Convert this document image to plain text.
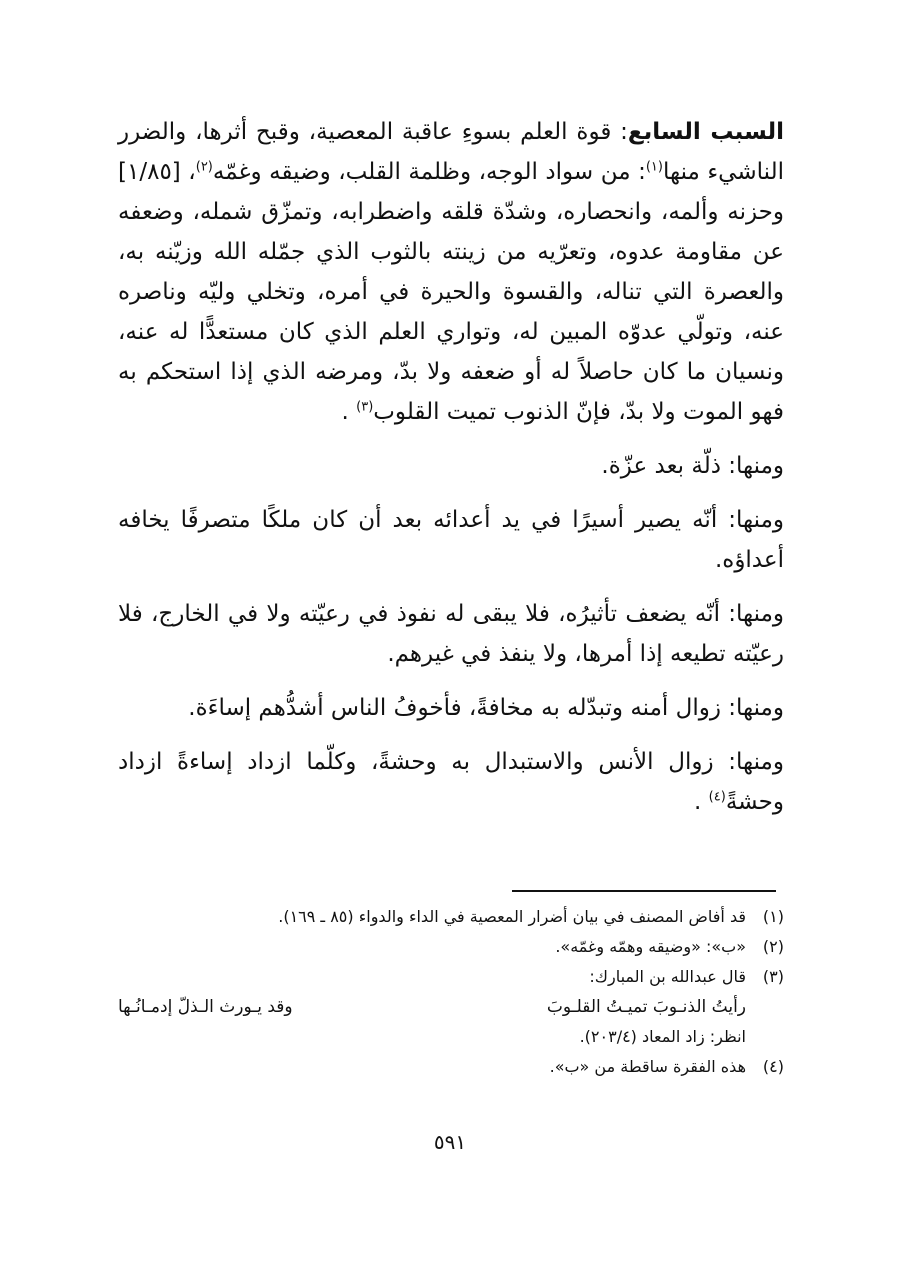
السبب السابع: قوة العلم بسوءِ عاقبة المعصية، وقبح أثرها، والضرر الناشيء منها$^{(١)}$: من سواد الوجه، وظلمة القلب، وضيقه وغمّه$^{(٢)}$، [١/٨٥] وحزنه وألمه، وانحصاره، وشدّة قلقه واضطرابه، وتمزّق شمله، وضعفه عن مقاومة عدوه، وتعرّيه من زينته بالثوب الذي جمّله الله وزيّنه به، والعصرة التي تناله، والقسوة والحيرة في أمره، وتخلي وليّه وناصره عنه، وتولّي عدوّه المبين له، وتواري العلم الذي كان مستعدًّا له عنه، ونسيان ما كان حاصلاً له أو ضعفه ولا بدّ، ومرضه الذي إذا استحكم به فهو الموت ولا بدّ، فإنّ الذنوب تميت القلوب$^{(٣)}$ .

ومنها: ذلّة بعد عزّة.

ومنها: أنّه يصير أسيرًا في يد أعدائه بعد أن كان ملكًا متصرفًا يخافه أعداؤه.

ومنها: أنّه يضعف تأثيرُه، فلا يبقى له نفوذ في رعيّته ولا في الخارج، فلا رعيّته تطيعه إذا أمرها، ولا ينفذ في غيرهم.

ومنها: زوال أمنه وتبدّله به مخافةً، فأخوفُ الناس أشدُّهم إساءَة.

ومنها: زوال الأنس والاستبدال به وحشةً، وكلّما ازداد إساءةً ازداد وحشةً$^{(٤)}$ .

(١)
قد أفاض المصنف في بيان أضرار المعصية في الداء والدواء (٨٥ ـ ١٦٩).
(٢)
«ب»: «وضيقه وهمّه وغمّه».
(٣)
قال عبدالله بن المبارك:
رأيتُ الذنـوبَ تميـتُ القلـوبَ
وقد يـورث الـذلّ إدمـانُـها
انظر: زاد المعاد (٢٠٣/٤).
(٤)
هذه الفقرة ساقطة من «ب».
٥٩١
